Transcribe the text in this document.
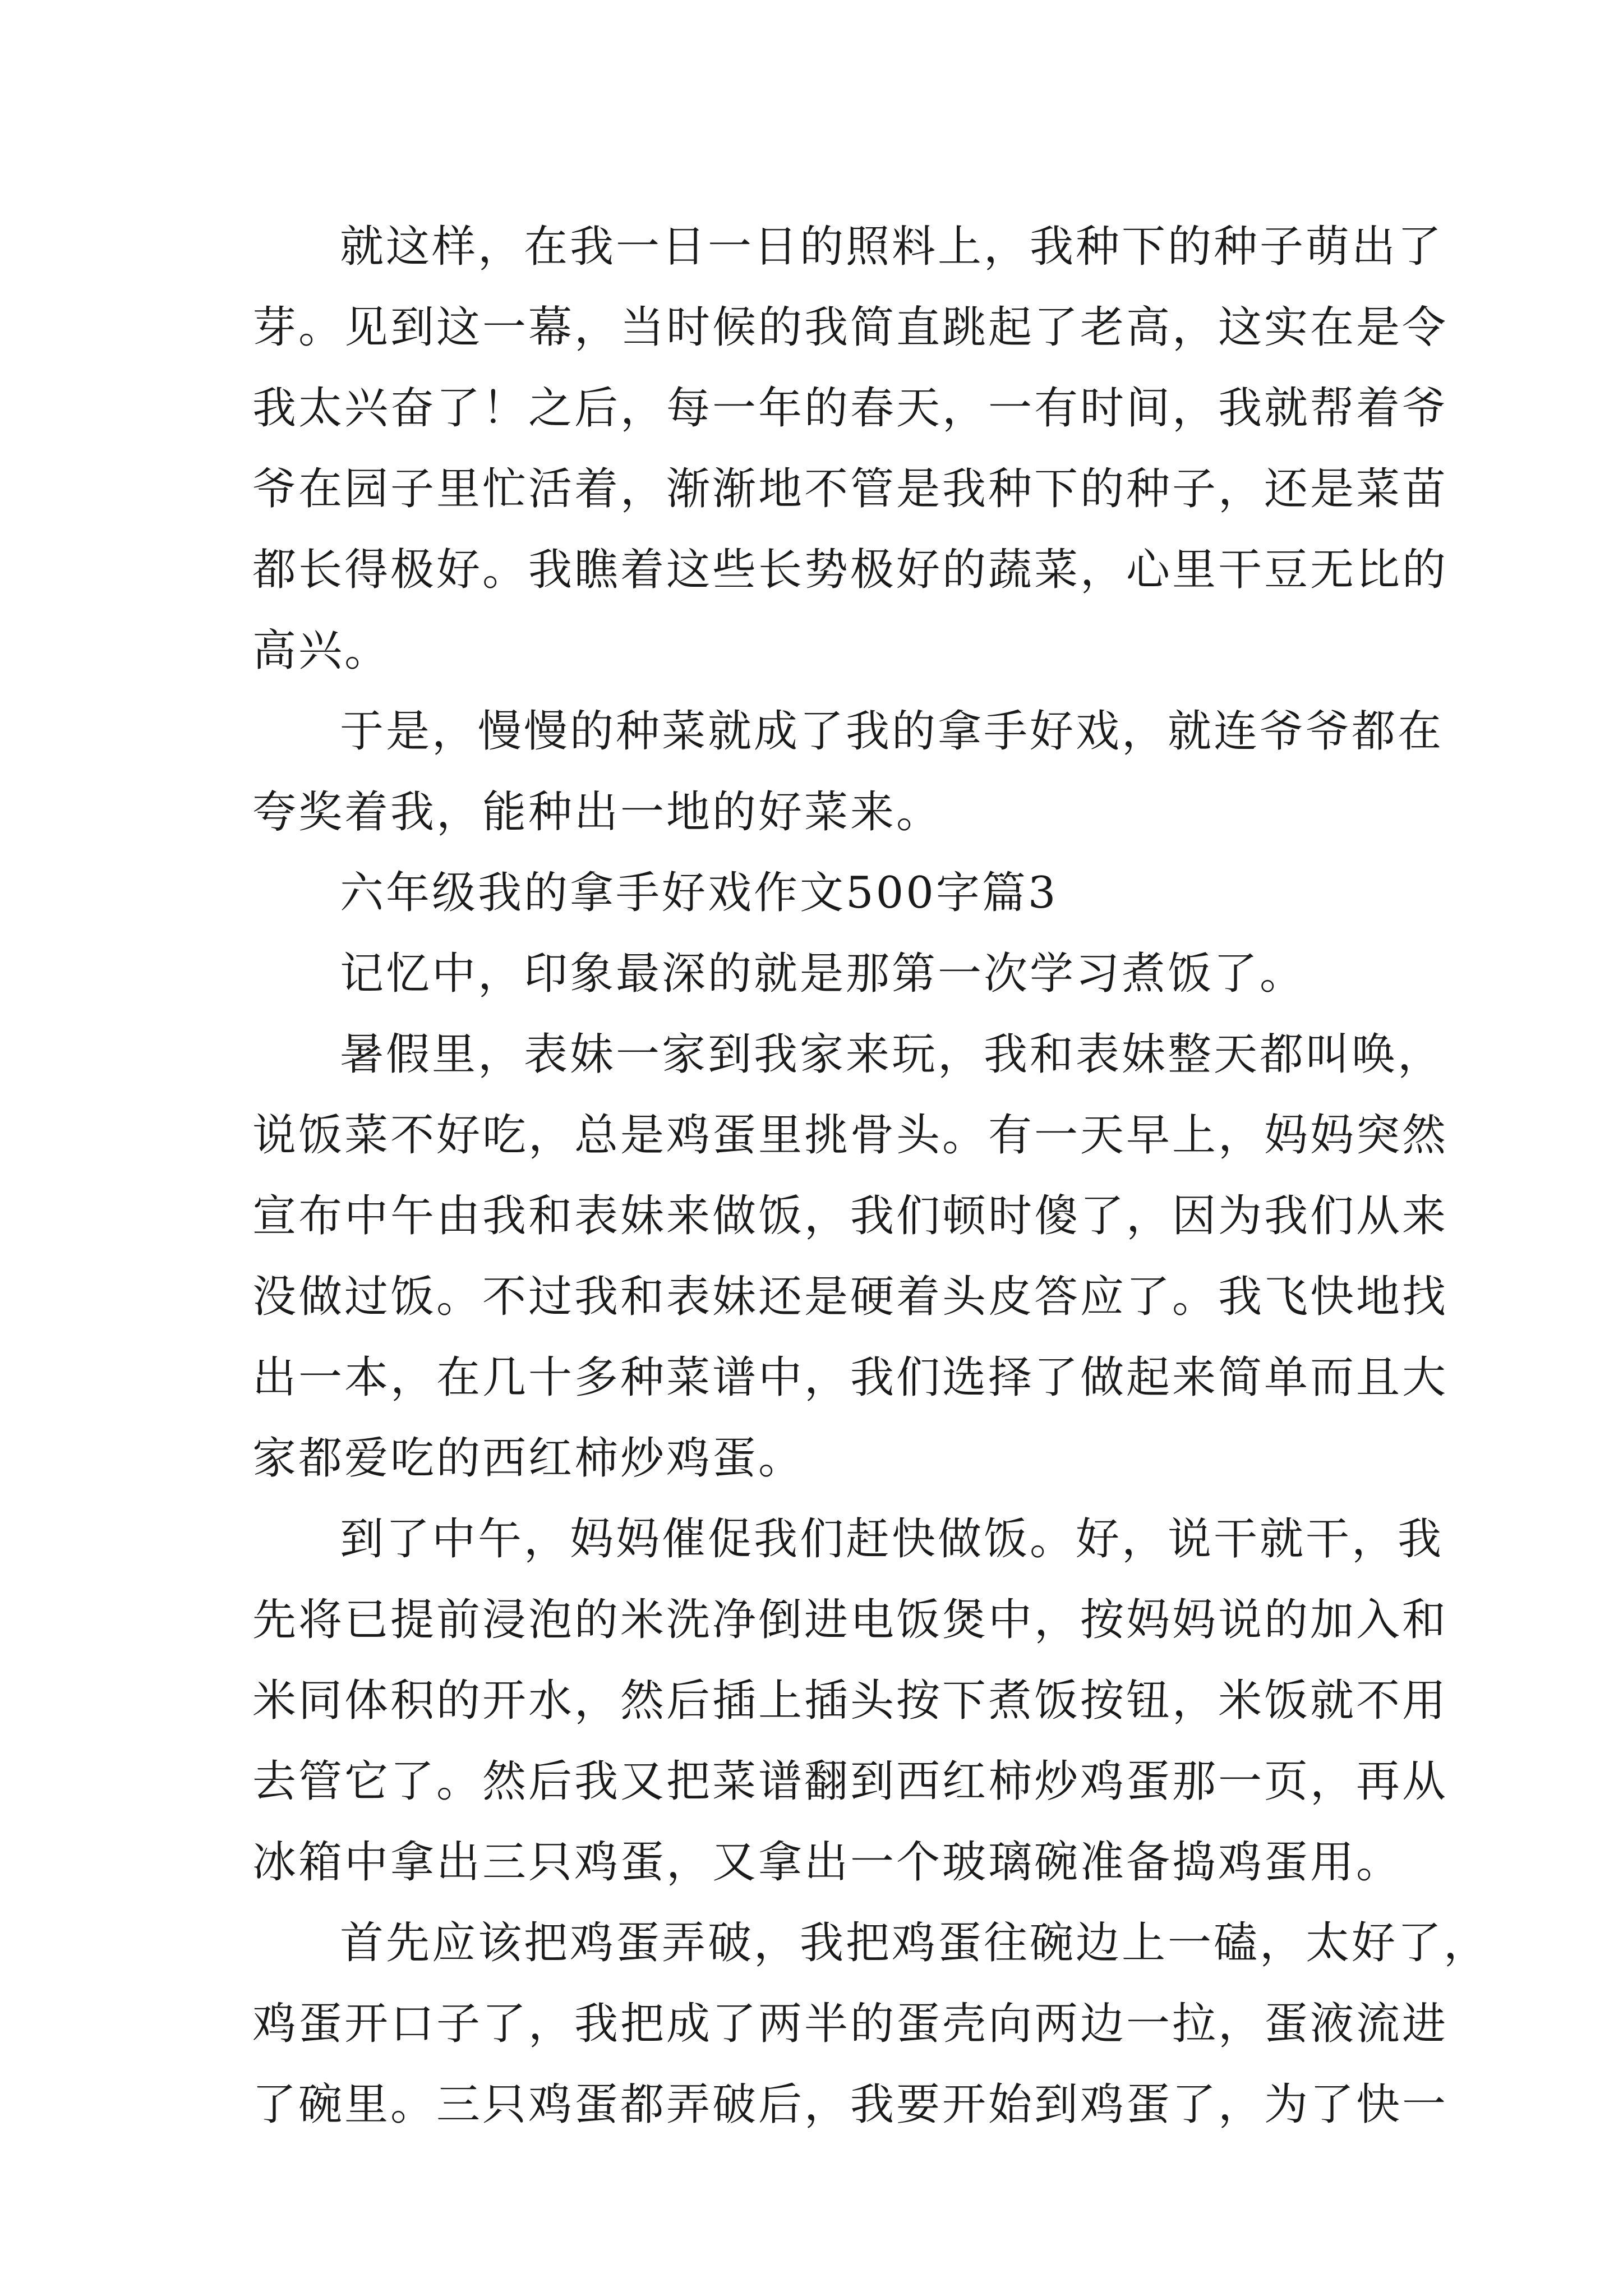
就这样，在我一日一日的照料上，我种下的种子萌出了
芽。见到这一幕，当时候的我简直跳起了老高，这实在是令
我太兴奋了！之后，每一年的春天，一有时间，我就帮着爷
爷在园子里忙活着，渐渐地不管是我种下的种子，还是菜苗
都长得极好。我瞧着这些长势极好的蔬菜，心里干豆无比的
高兴。
于是，慢慢的种菜就成了我的拿手好戏，就连爷爷都在
夸奖着我，能种出一地的好菜来。
六年级我的拿手好戏作文500字篇3
记忆中，印象最深的就是那第一次学习煮饭了。
暑假里，表妹一家到我家来玩，我和表妹整天都叫唤，
说饭菜不好吃，总是鸡蛋里挑骨头。有一天早上，妈妈突然
宣布中午由我和表妹来做饭，我们顿时傻了，因为我们从来
没做过饭。不过我和表妹还是硬着头皮答应了。我飞快地找
出一本，在几十多种菜谱中，我们选择了做起来简单而且大
家都爱吃的西红柿炒鸡蛋。
到了中午，妈妈催促我们赶快做饭。好，说干就干，我
先将已提前浸泡的米洗净倒进电饭煲中，按妈妈说的加入和
米同体积的开水，然后插上插头按下煮饭按钮，米饭就不用
去管它了。然后我又把菜谱翻到西红柿炒鸡蛋那一页，再从
冰箱中拿出三只鸡蛋，又拿出一个玻璃碗准备捣鸡蛋用。
首先应该把鸡蛋弄破，我把鸡蛋往碗边上一磕，太好了，
鸡蛋开口子了，我把成了两半的蛋壳向两边一拉，蛋液流进
了碗里。三只鸡蛋都弄破后，我要开始到鸡蛋了，为了快一
